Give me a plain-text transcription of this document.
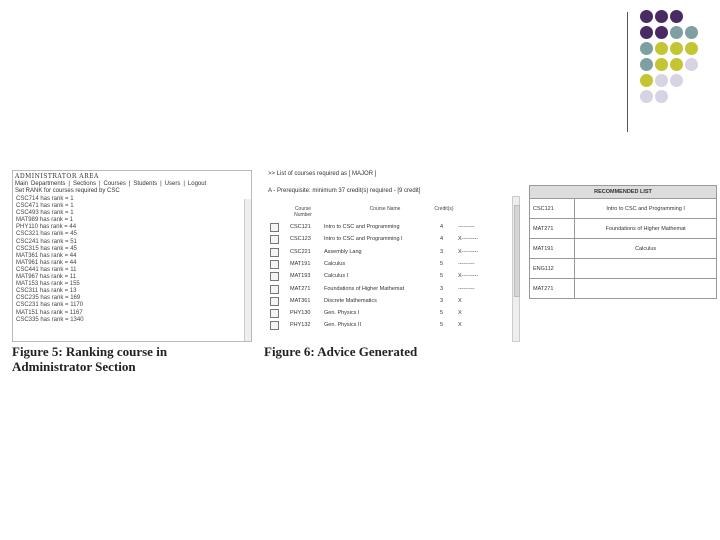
ADMINISTRATOR AREA
Main Departments | Sections | Courses | Students | Users | Logout
Set RANK for courses required by CSC
CSC714 has rank = 1
CSC471 has rank = 1
CSC493 has rank = 1
MAT989 has rank = 1
PHY110 has rank = 44
CSC321 has rank = 45
CSC241 has rank = 51
CSC315 has rank = 45
MAT361 has rank = 44
MAT961 has rank = 44
CSC441 has rank = 11
MAT967 has rank = 11
MAT153 has rank = 155
CSC311 has rank = 13
CSC235 has rank = 169
CSC231 has rank = 1170
MAT151 has rank = 1167
CSC335 has rank = 1340
Figure 5: Ranking course in
Administrator Section
>> List of courses required as [ MAJOR ]
A - Prerequisite: minimum 37 credit(s) required - [9 credit]
Course Number
Course Name	Credit(s)
CSC121 Intro to CSC and Programming	4	---------
CSC123 Intro to CSC and Programming I	4	X---------
CSC221 Assembly Lang	3	X---------
MAT191 Calculus	5	---------
MAT193 Calculus I	5	X---------
MAT271 Foundations of Higher Mathemat	3	---------
MAT361 Discrete Mathematics	3	X
PHY130 Gen. Physics I	5	X
PHY132 Gen. Physics II	5	X
Figure 6: Advice Generated
RECOMMENDED LIST	
CSC121	Intro to CSC and Programming I
MAT271	Foundations of Higher Mathemat
MAT191	Calculus
ENG112	
MAT271	
